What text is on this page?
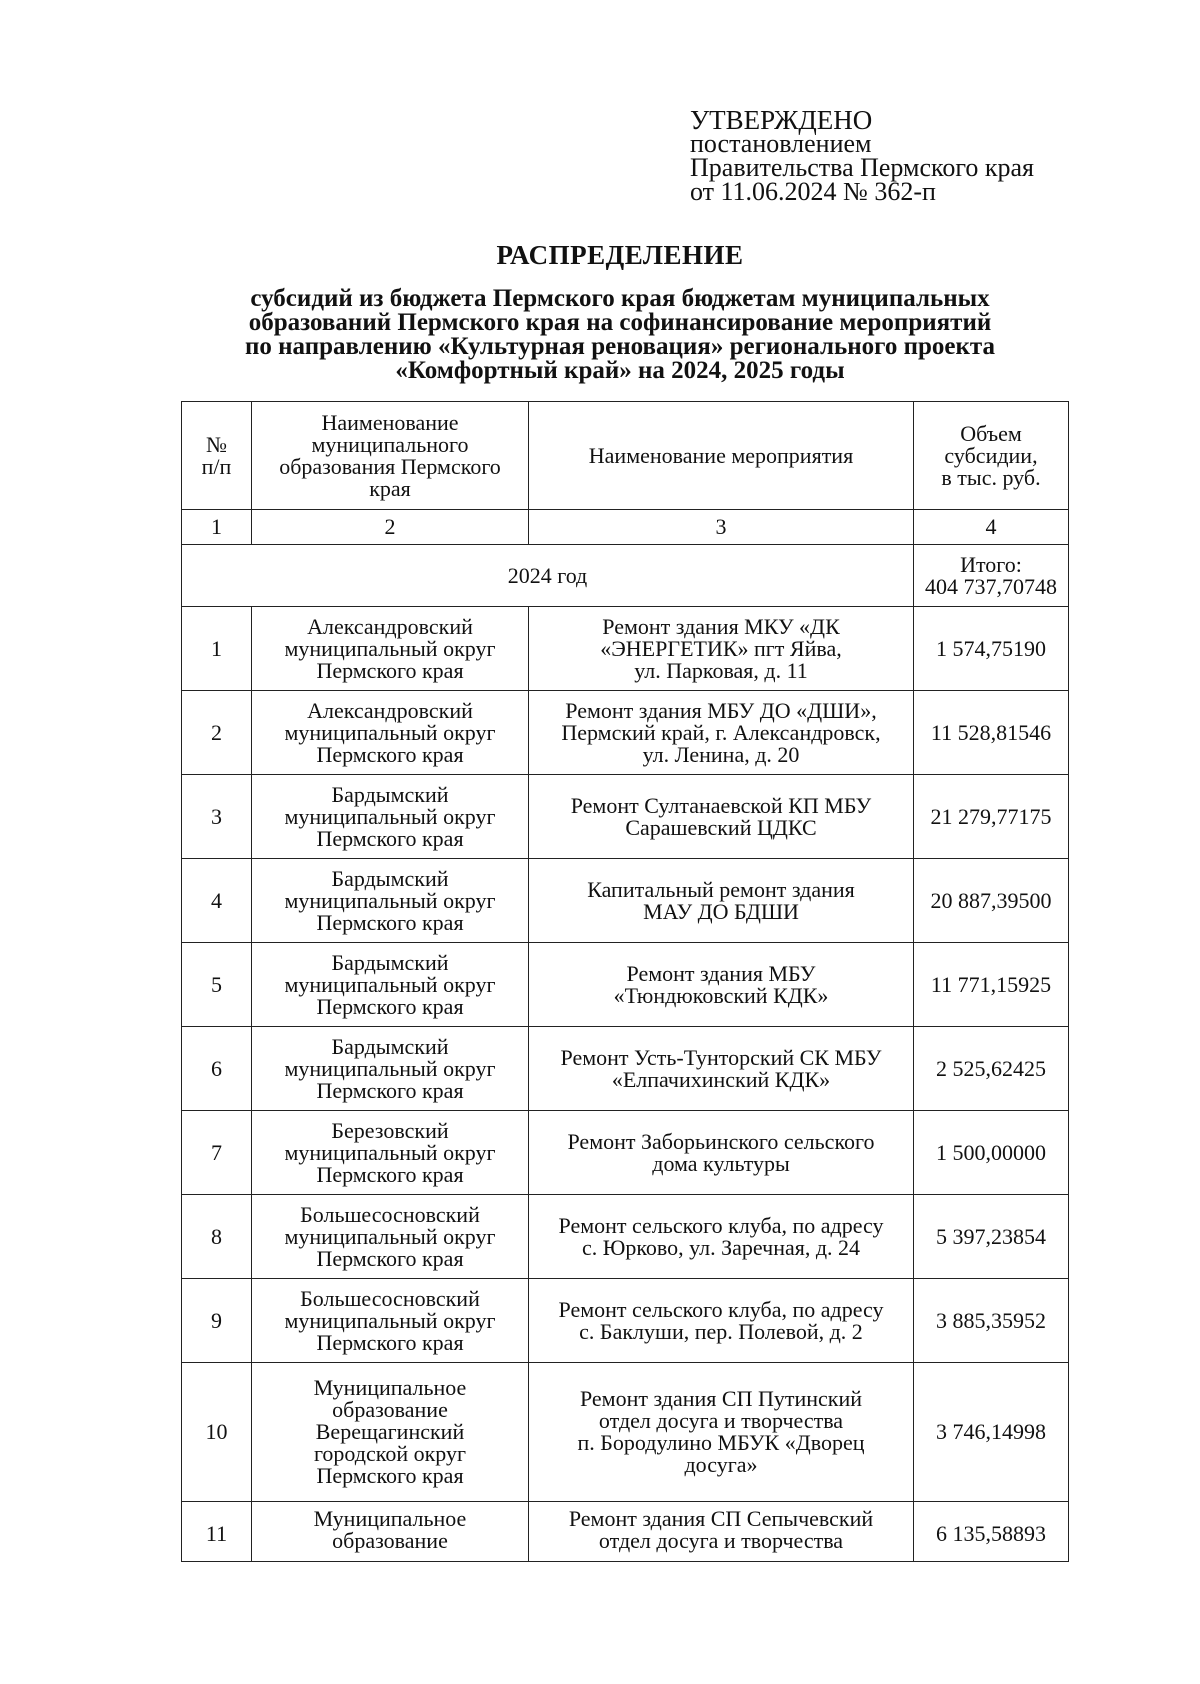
УТВЕРЖДЕНО
постановлением
Правительства Пермского края
от 11.06.2024 № 362-п
РАСПРЕДЕЛЕНИЕ
субсидий из бюджета Пермского края бюджетам муниципальных
образований Пермского края на софинансирование мероприятий
по направлению «Культурная реновация» регионального проекта
«Комфортный край» на 2024, 2025 годы
№
п/п	Наименование
муниципального
образования Пермского
края	Наименование мероприятия	Объем
субсидии,
в тыс. руб.
1	2	3	4
2024 год			Итого:
404 737,70748
1	Александровский
муниципальный округ
Пермского края	Ремонт здания МКУ «ДК
«ЭНЕРГЕТИК» пгт Яйва,
ул. Парковая, д. 11	1 574,75190
2	Александровский
муниципальный округ
Пермского края	Ремонт здания МБУ ДО «ДШИ»,
Пермский край, г. Александровск,
ул. Ленина, д. 20	11 528,81546
3	Бардымский
муниципальный округ
Пермского края	Ремонт Султанаевской КП МБУ
Сарашевский ЦДКС	21 279,77175
4	Бардымский
муниципальный округ
Пермского края	Капитальный ремонт здания
МАУ ДО БДШИ	20 887,39500
5	Бардымский
муниципальный округ
Пермского края	Ремонт здания МБУ
«Тюндюковский КДК»	11 771,15925
6	Бардымский
муниципальный округ
Пермского края	Ремонт Усть-Тунторский СК МБУ
«Елпачихинский КДК»	2 525,62425
7	Березовский
муниципальный округ
Пермского края	Ремонт Заборьинского сельского
дома культуры	1 500,00000
8	Большесосновский
муниципальный округ
Пермского края	Ремонт сельского клуба, по адресу
с. Юрково, ул. Заречная, д. 24	5 397,23854
9	Большесосновский
муниципальный округ
Пермского края	Ремонт сельского клуба, по адресу
с. Баклуши, пер. Полевой, д. 2	3 885,35952
10	Муниципальное
образование
Верещагинский
городской округ
Пермского края	Ремонт здания СП Путинский
отдел досуга и творчества
п. Бородулино МБУК «Дворец
досуга»	3 746,14998
11	Муниципальное
образование	Ремонт здания СП Сепычевский
отдел досуга и творчества	6 135,58893
